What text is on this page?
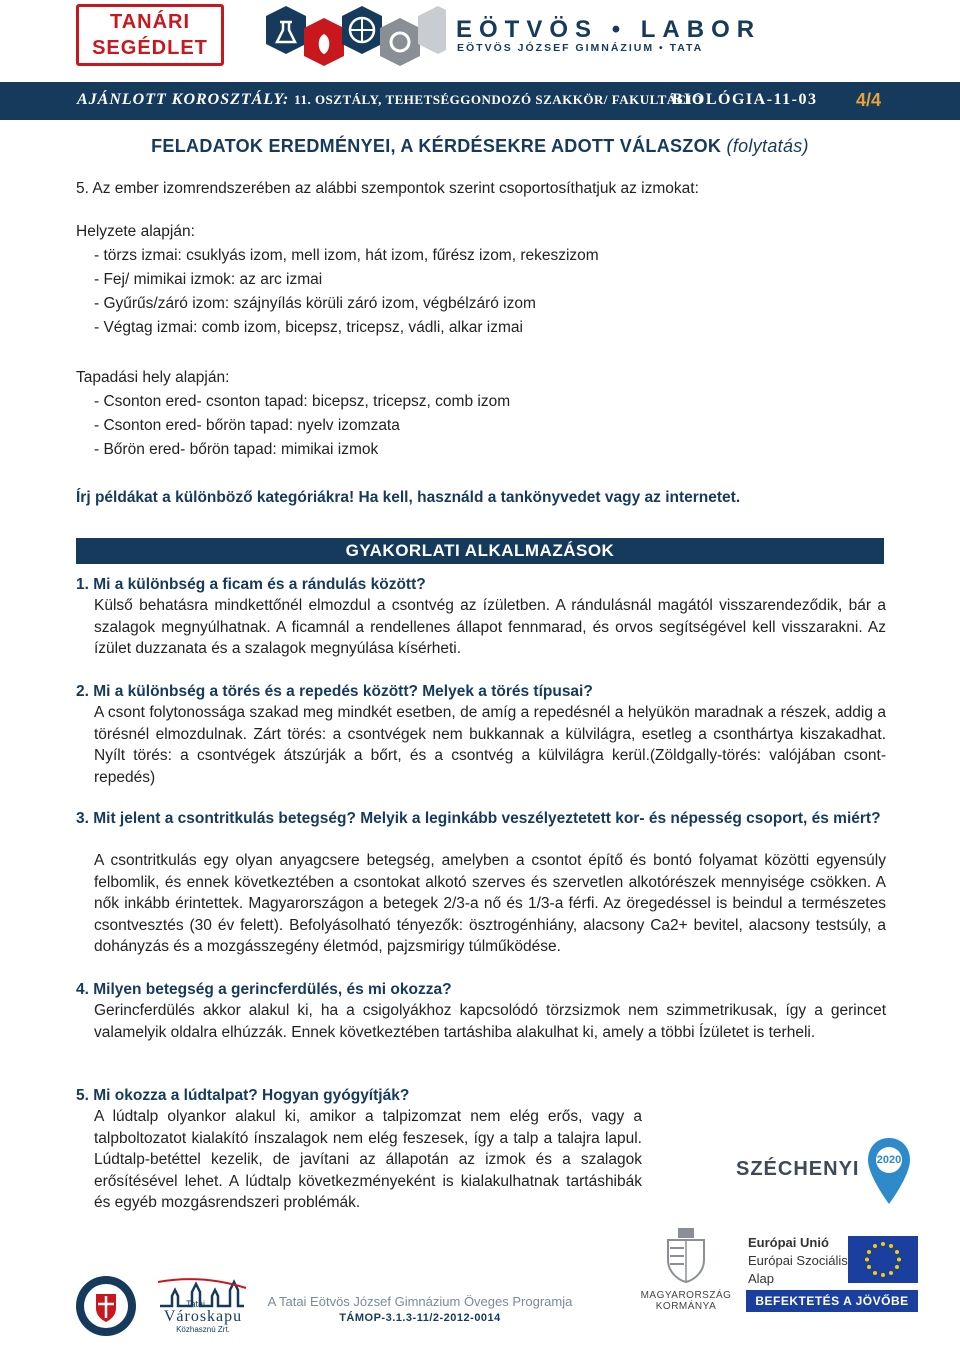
TANÁRI
SEGÉDLET
EÖTVÖS • LABOR
EÖTVÖS JÓZSEF GIMNÁZIUM • TATA
AJÁNLOTT KOROSZTÁLY: 11. OSZTÁLY, TEHETSÉGGONDOZÓ SZAKKÖR/ FAKULTÁCIÓ
BIOLÓGIA-11-03 4/4
FELADATOK EREDMÉNYEI, A KÉRDÉSEKRE ADOTT VÁLASZOK (folytatás)
5. Az ember izomrendszerében az alábbi szempontok szerint csoportosíthatjuk az izmokat:
Helyzete alapján:
- törzs izmai: csuklyás izom, mell izom, hát izom, fűrész izom, rekeszizom
- Fej/ mimikai izmok: az arc izmai
- Gyűrűs/záró izom: szájnyílás körüli záró izom, végbélzáró izom
- Végtag izmai: comb izom, bicepsz, tricepsz, vádli, alkar izmai
Tapadási hely alapján:
- Csonton ered- csonton tapad: bicepsz, tricepsz, comb izom
- Csonton ered- bőrön tapad: nyelv izomzata
- Bőrön ered- bőrön tapad: mimikai izmok
Írj példákat a különböző kategóriákra! Ha kell, használd a tankönyvedet vagy az internetet.
GYAKORLATI ALKALMAZÁSOK
1. Mi a különbség a ficam és a rándulás között?
Külső behatásra mindkettőnél elmozdul a csontvég az ízületben. A rándulásnál magától visszarendeződik, bár a szalagok megnyúlhatnak. A ficamnál a rendellenes állapot fennmarad, és orvos segítségével kell visszarakni. Az ízület duzzanata és a szalagok megnyúlása kísérheti.
2. Mi a különbség a törés és a repedés között? Melyek a törés típusai?
A csont folytonossága szakad meg mindkét esetben, de amíg a repedésnél a helyükön maradnak a részek, addig a törésnél elmozdulnak. Zárt törés: a csontvégek nem bukkannak a külvilágra, esetleg a csonthártya kiszakadhat. Nyílt törés: a csontvégek átszúrják a bőrt, és a csontvég a külvilágra kerül.(Zöldgally-törés: valójában csont-repedés)
3. Mit jelent a csontritkulás betegség? Melyik a leginkább veszélyeztetett kor- és népesség csoport, és miért?
A csontritkulás egy olyan anyagcsere betegség, amelyben a csontot építő és bontó folyamat közötti egyensúly felbomlik, és ennek következtében a csontokat alkotó szerves és szervetlen alkotórészek mennyisége csökken. A nők inkább érintettek. Magyarországon a betegek 2/3-a nő és 1/3-a férfi. Az öregedéssel is beindul a természetes csontvesztés (30 év felett). Befolyásolható tényezők: ösztrogénhiány, alacsony Ca2+ bevitel, alacsony testsúly, a dohányzás és a mozgásszegény életmód, pajzsmirigy túlműködése.
4. Milyen betegség a gerincferdülés, és mi okozza?
Gerincferdülés akkor alakul ki, ha a csigolyákhoz kapcsolódó törzsizmok nem szimmetrikusak, így a gerincet valamelyik oldalra elhúzzák. Ennek következtében tartáshiba alakulhat ki, amely a többi Ízületet is terheli.
5. Mi okozza a lúdtalpat? Hogyan gyógyítják?
A lúdtalp olyankor alakul ki, amikor a talpizomzat nem elég erős, vagy a talpboltozatot kialakító ínszalagok nem elég feszesek, így a talp a talajra lapul. Lúdtalp-betéttel kezelik, de javítani az állapotán az izmok és a szalagok erősítésével lehet. A lúdtalp következményeként is kialakulhatnak tartáshibák és egyéb mozgásrendszeri problémák.
SZÉCHENYI	2020
MAGYARORSZÁG
KORMÁNYA
Európai Unió
Európai Szociális
Alap
BEFEKTETÉS A JÖVŐBE
Tatai
Városkapu
Közhasznú Zrt.
A Tatai Eötvös József Gimnázium Öveges Programja
TÁMOP-3.1.3-11/2-2012-0014
